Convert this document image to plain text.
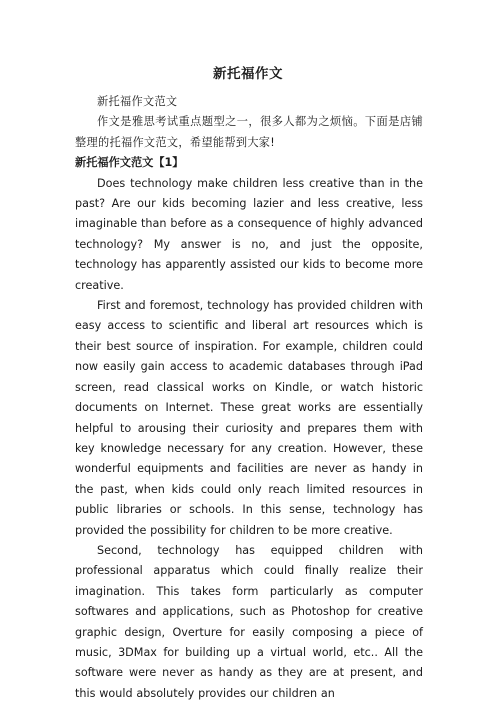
新托福作文

新托福作文范文

作文是雅思考试重点题型之一，很多人都为之烦恼。下面是店铺整理的托福作文范文，希望能帮到大家!

新托福作文范文【1】

Does technology make children less creative than in the past? Are our kids becoming lazier and less creative, less imaginable than before as a consequence of highly advanced technology? My answer is no, and just the opposite, technology has apparently assisted our kids to become more creative.

First and foremost, technology has provided children with easy access to scientific and liberal art resources which is their best source of inspiration. For example, children could now easily gain access to academic databases through iPad screen, read classical works on Kindle, or watch historic documents on Internet. These great works are essentially helpful to arousing their curiosity and prepares them with key knowledge necessary for any creation. However, these wonderful equipments and facilities are never as handy in the past, when kids could only reach limited resources in public libraries or schools. In this sense, technology has provided the possibility for children to be more creative.

Second, technology has equipped children with professional apparatus which could finally realize their imagination. This takes form particularly as computer softwares and applications, such as Photoshop for creative graphic design, Overture for easily composing a piece of music, 3DMax for building up a virtual world, etc.. All the software were never as handy as they are at present, and this would absolutely provides our children an
